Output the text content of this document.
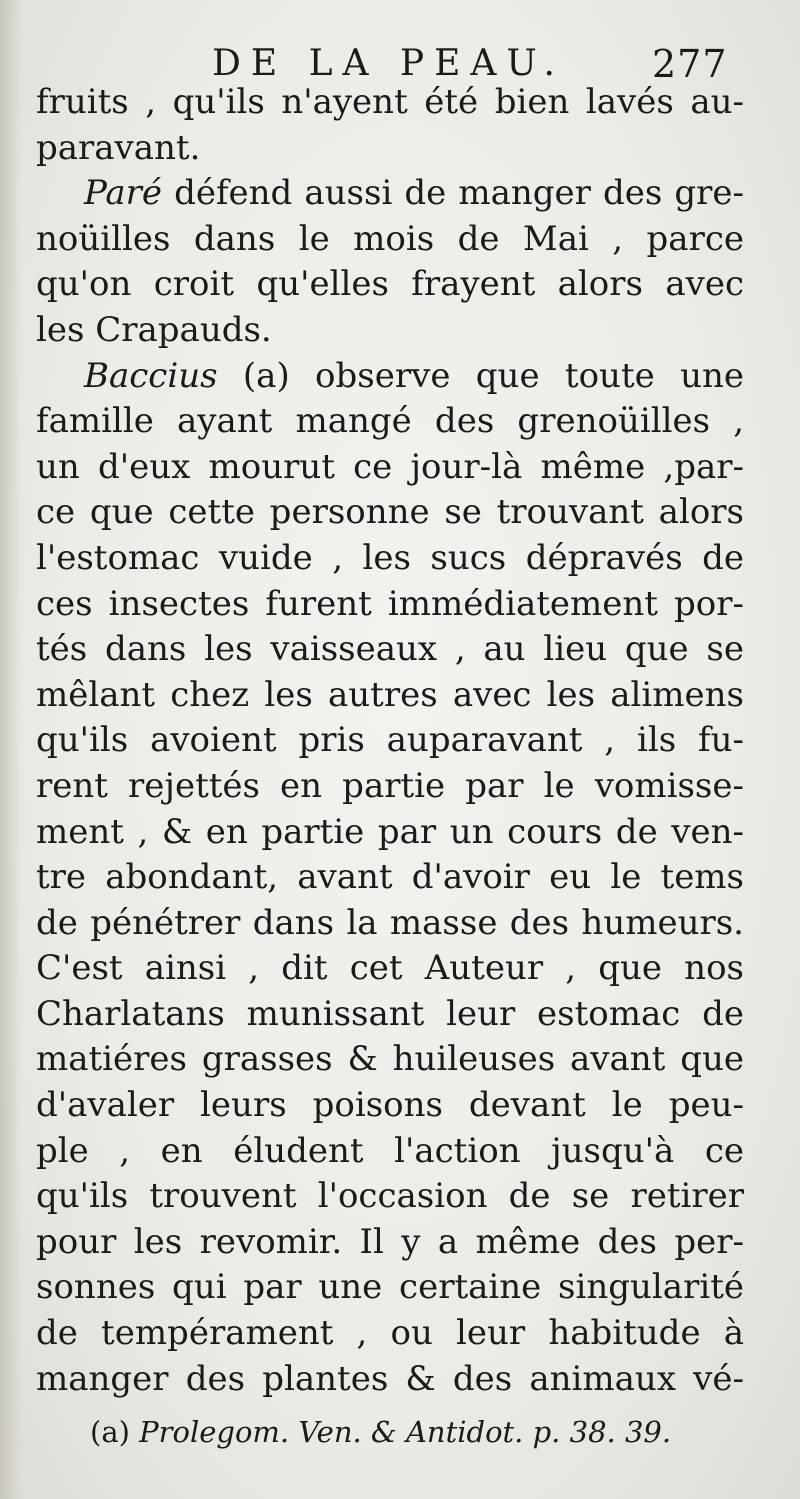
DE LA PEAU. 277
fruits , qu'ils n'ayent été bien lavés au-
paravant.
Paré défend aussi de manger des gre-
noüilles dans le mois de Mai , parce
qu'on croit qu'elles frayent alors avec
les Crapauds.
Baccius (a) observe que toute une
famille ayant mangé des grenoüilles ,
un d'eux mourut ce jour-là même ,par-
ce que cette personne se trouvant alors
l'estomac vuide , les sucs dépravés de
ces insectes furent immédiatement por-
tés dans les vaisseaux , au lieu que se
mêlant chez les autres avec les alimens
qu'ils avoient pris auparavant , ils fu-
rent rejettés en partie par le vomisse-
ment , & en partie par un cours de ven-
tre abondant, avant d'avoir eu le tems
de pénétrer dans la masse des humeurs.
C'est ainsi , dit cet Auteur , que nos
Charlatans munissant leur estomac de
matiéres grasses & huileuses avant que
d'avaler leurs poisons devant le peu-
ple , en éludent l'action jusqu'à ce
qu'ils trouvent l'occasion de se retirer
pour les revomir. Il y a même des per-
sonnes qui par une certaine singularité
de tempérament , ou leur habitude à
manger des plantes & des animaux vé-
(a) Prolegom. Ven. & Antidot. p. 38. 39.
